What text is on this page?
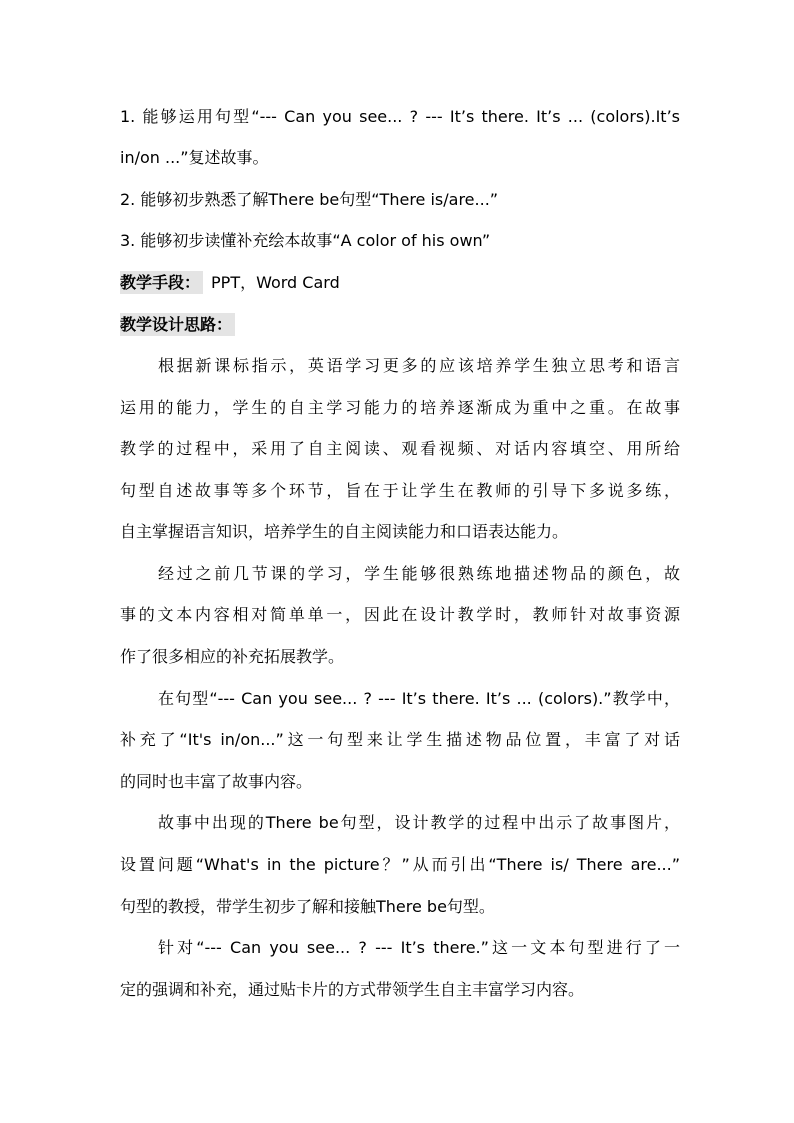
1. 能够运用句型“--- Can you see... ? --- It’s there. It’s ... (colors).It’s
in/on ...”复述故事。
2. 能够初步熟悉了解There be句型“There is/are...”
3. 能够初步读懂补充绘本故事“A color of his own”
教学手段： PPT，Word Card
教学设计思路：
根据新课标指示，英语学习更多的应该培养学生独立思考和语言
运用的能力，学生的自主学习能力的培养逐渐成为重中之重。在故事
教学的过程中，采用了自主阅读、观看视频、对话内容填空、用所给
句型自述故事等多个环节，旨在于让学生在教师的引导下多说多练，
自主掌握语言知识，培养学生的自主阅读能力和口语表达能力。
经过之前几节课的学习，学生能够很熟练地描述物品的颜色，故
事的文本内容相对简单单一，因此在设计教学时，教师针对故事资源
作了很多相应的补充拓展教学。
在句型“--- Can you see... ? --- It’s there. It’s ... (colors).”教学中，
补充了“It's in/on...”这一句型来让学生描述物品位置，丰富了对话
的同时也丰富了故事内容。
故事中出现的There be句型，设计教学的过程中出示了故事图片，
设置问题“What's in the picture？”从而引出“There is/ There are...”
句型的教授，带学生初步了解和接触There be句型。
针对“--- Can you see... ? --- It’s there.”这一文本句型进行了一
定的强调和补充，通过贴卡片的方式带领学生自主丰富学习内容。
